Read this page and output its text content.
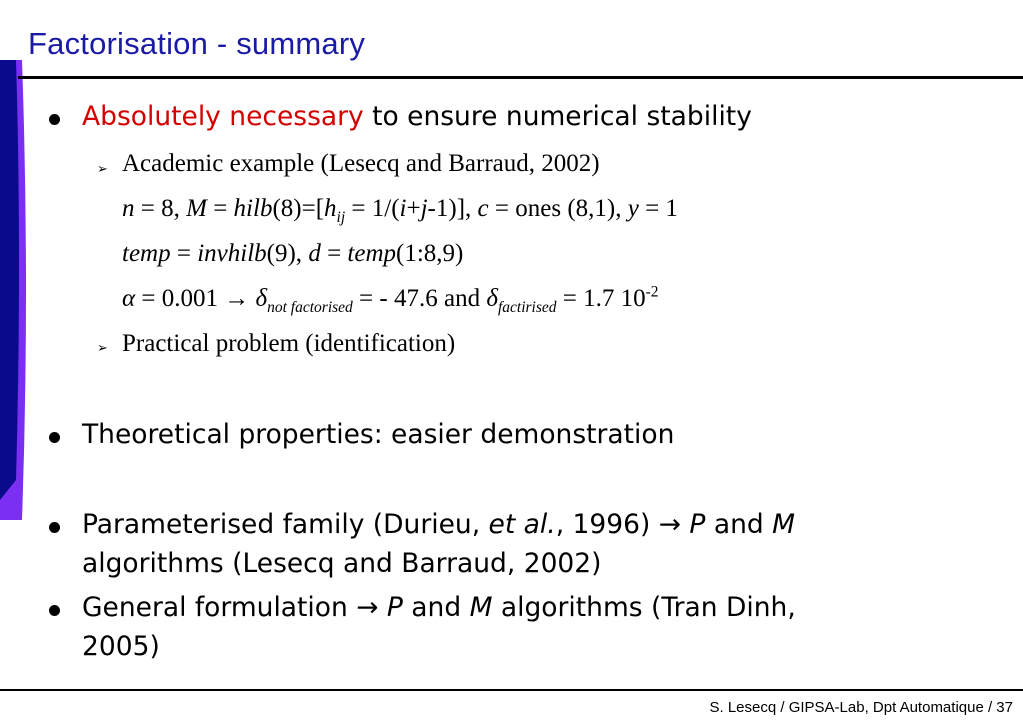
Factorisation - summary
Absolutely necessary to ensure numerical stability
➢ Academic example (Lesecq and Barraud, 2002)
n = 8, $M = hilb(8)=[h_{ij} = 1/(i+j-1)]$, c = ones (8,1), y = 1
temp = invhilb(9), d = temp(1:8,9)
$\alpha = 0.001 \to \delta_{not factorised}$ = - 47.6 and $\delta_{factirised} = 1.7$ $10^{-2}$
➢ Practical problem (identification)
Theoretical properties: easier demonstration
Parameterised family (Durieu, et al., 1996) → P and M
algorithms (Lesecq and Barraud, 2002)
General formulation → P and M algorithms (Tran Dinh,
2005)
S. Lesecq / GIPSA-Lab, Dpt Automatique / 37
